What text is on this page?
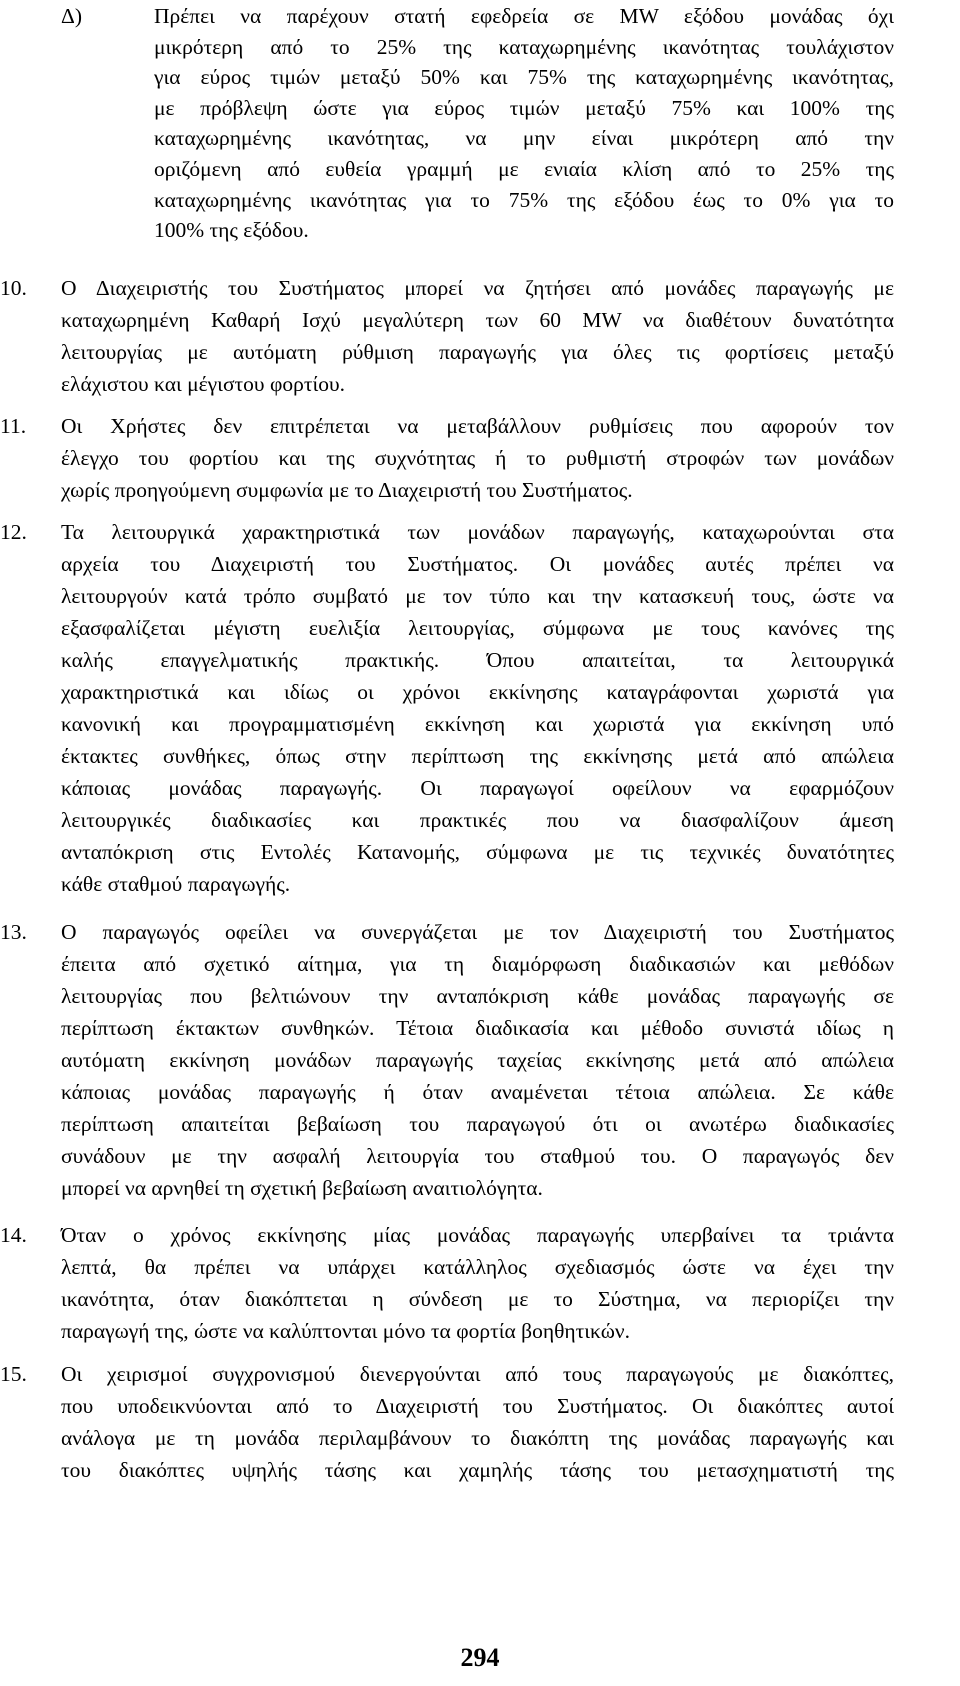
Δ)	Πρέπει να παρέχουν στατή εφεδρεία σε MW εξόδου μονάδας όχι
μικρότερη από το 25% της καταχωρημένης ικανότητας τουλάχιστον
για εύρος τιμών μεταξύ 50% και 75% της καταχωρημένης ικανότητας,
με πρόβλεψη ώστε για εύρος τιμών μεταξύ 75% και 100% της
καταχωρημένης ικανότητας, να μην είναι μικρότερη από την
οριζόμενη από ευθεία γραμμή με ενιαία κλίση από το 25% της
καταχωρημένης ικανότητας για το 75% της εξόδου έως το 0% για το
100% της εξόδου.
10.	Ο Διαχειριστής του Συστήματος μπορεί να ζητήσει από μονάδες παραγωγής με
καταχωρημένη Καθαρή Ισχύ μεγαλύτερη των 60 MW να διαθέτουν δυνατότητα
λειτουργίας με αυτόματη ρύθμιση παραγωγής για όλες τις φορτίσεις μεταξύ
ελάχιστου και μέγιστου φορτίου.
11.	Οι Χρήστες δεν επιτρέπεται να μεταβάλλουν ρυθμίσεις που αφορούν τον
έλεγχο του φορτίου και της συχνότητας ή το ρυθμιστή στροφών των μονάδων
χωρίς προηγούμενη συμφωνία με το Διαχειριστή του Συστήματος.
12.	Τα λειτουργικά χαρακτηριστικά των μονάδων παραγωγής, καταχωρούνται στα
αρχεία του Διαχειριστή του Συστήματος. Οι μονάδες αυτές πρέπει να
λειτουργούν κατά τρόπο συμβατό με τον τύπο και την κατασκευή τους, ώστε να
εξασφαλίζεται μέγιστη ευελιξία λειτουργίας, σύμφωνα με τους κανόνες της
καλής επαγγελματικής πρακτικής. Όπου απαιτείται, τα λειτουργικά
χαρακτηριστικά και ιδίως οι χρόνοι εκκίνησης καταγράφονται χωριστά για
κανονική και προγραμματισμένη εκκίνηση και χωριστά για εκκίνηση υπό
έκτακτες συνθήκες, όπως στην περίπτωση της εκκίνησης μετά από απώλεια
κάποιας μονάδας παραγωγής. Οι παραγωγοί οφείλουν να εφαρμόζουν
λειτουργικές διαδικασίες και πρακτικές που να διασφαλίζουν άμεση
ανταπόκριση στις Εντολές Κατανομής, σύμφωνα με τις τεχνικές δυνατότητες
κάθε σταθμού παραγωγής.
13.	Ο παραγωγός οφείλει να συνεργάζεται με τον Διαχειριστή του Συστήματος
έπειτα από σχετικό αίτημα, για τη διαμόρφωση διαδικασιών και μεθόδων
λειτουργίας που βελτιώνουν την ανταπόκριση κάθε μονάδας παραγωγής σε
περίπτωση έκτακτων συνθηκών. Τέτοια διαδικασία και μέθοδο συνιστά ιδίως η
αυτόματη εκκίνηση μονάδων παραγωγής ταχείας εκκίνησης μετά από απώλεια
κάποιας μονάδας παραγωγής ή όταν αναμένεται τέτοια απώλεια. Σε κάθε
περίπτωση απαιτείται βεβαίωση του παραγωγού ότι οι ανωτέρω διαδικασίες
συνάδουν με την ασφαλή λειτουργία του σταθμού του. Ο παραγωγός δεν
μπορεί να αρνηθεί τη σχετική βεβαίωση αναιτιολόγητα.
14.	Όταν ο χρόνος εκκίνησης μίας μονάδας παραγωγής υπερβαίνει τα τριάντα
λεπτά, θα πρέπει να υπάρχει κατάλληλος σχεδιασμός ώστε να έχει την
ικανότητα, όταν διακόπτεται η σύνδεση με το Σύστημα, να περιορίζει την
παραγωγή της, ώστε να καλύπτονται μόνο τα φορτία βοηθητικών.
15.	Οι χειρισμοί συγχρονισμού διενεργούνται από τους παραγωγούς με διακόπτες,
που υποδεικνύονται από το Διαχειριστή του Συστήματος. Οι διακόπτες αυτοί
ανάλογα με τη μονάδα περιλαμβάνουν το διακόπτη της μονάδας παραγωγής και
του διακόπτες υψηλής τάσης και χαμηλής τάσης του μετασχηματιστή της
294
